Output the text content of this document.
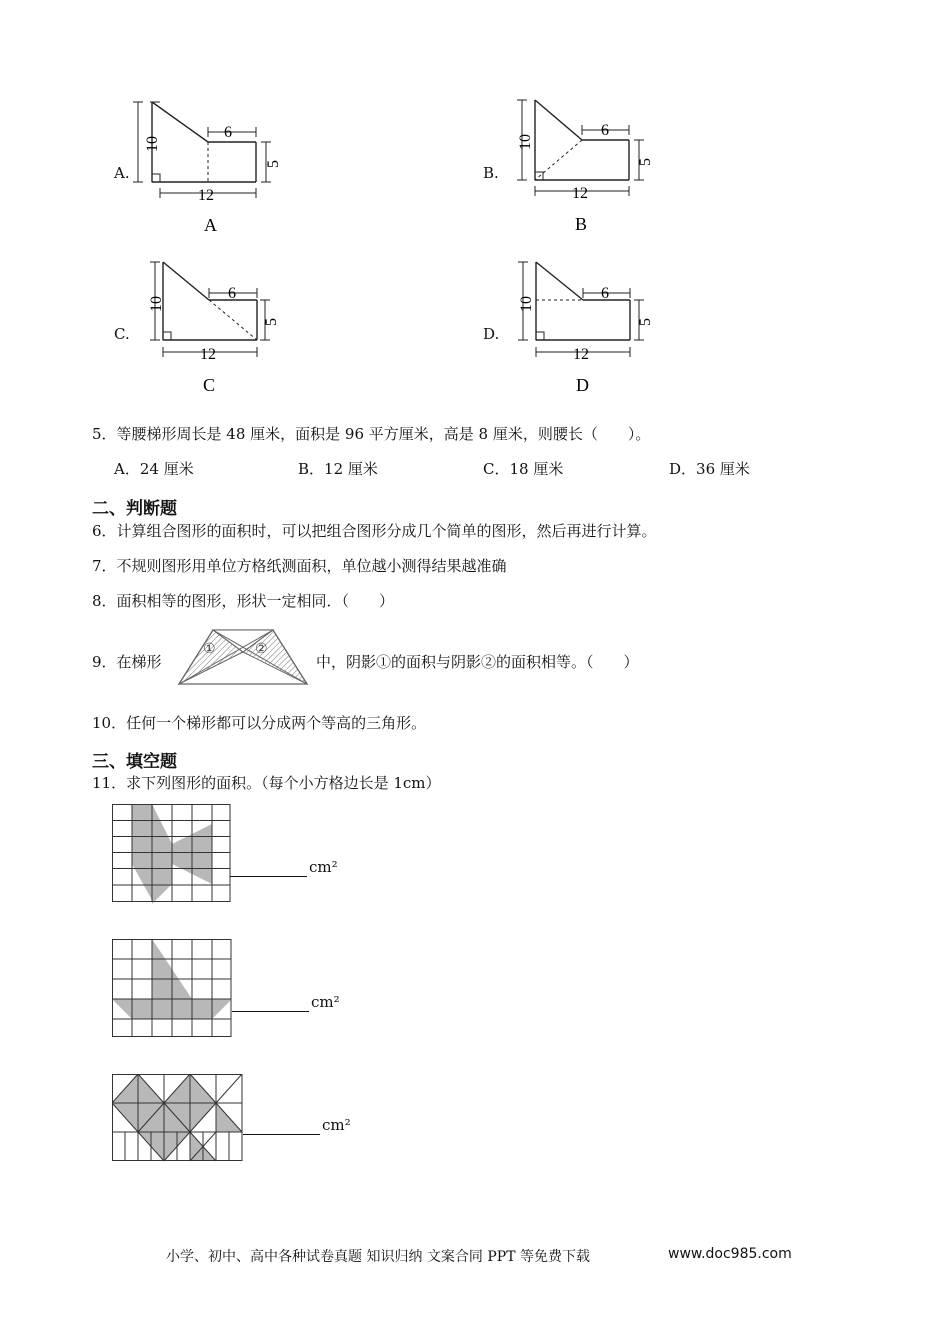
10
6
5
12
A
A.
10
6
5
12
B
B.
10
6
5
12
C
C.
10
6
5
12
D
D.
5．等腰梯形周长是 48 厘米，面积是 96 平方厘米，高是 8 厘米，则腰长（　　）。
A．24 厘米	B．12 厘米	C．18 厘米	D．36 厘米
二、判断题
6．计算组合图形的面积时，可以把组合图形分成几个简单的图形，然后再进行计算。
7．不规则图形用单位方格纸测面积，单位越小测得结果越准确
8．面积相等的图形，形状一定相同．（　　）
9．在梯形
①	②
中，阴影①的面积与阴影②的面积相等。（　　）
10．任何一个梯形都可以分成两个等高的三角形。
三、填空题
11．求下列图形的面积。（每个小方格边长是 1cm）
cm²
cm²
cm²
小学、初中、高中各种试卷真题 知识归纳 文案合同 PPT 等免费下载	www.doc985.com
